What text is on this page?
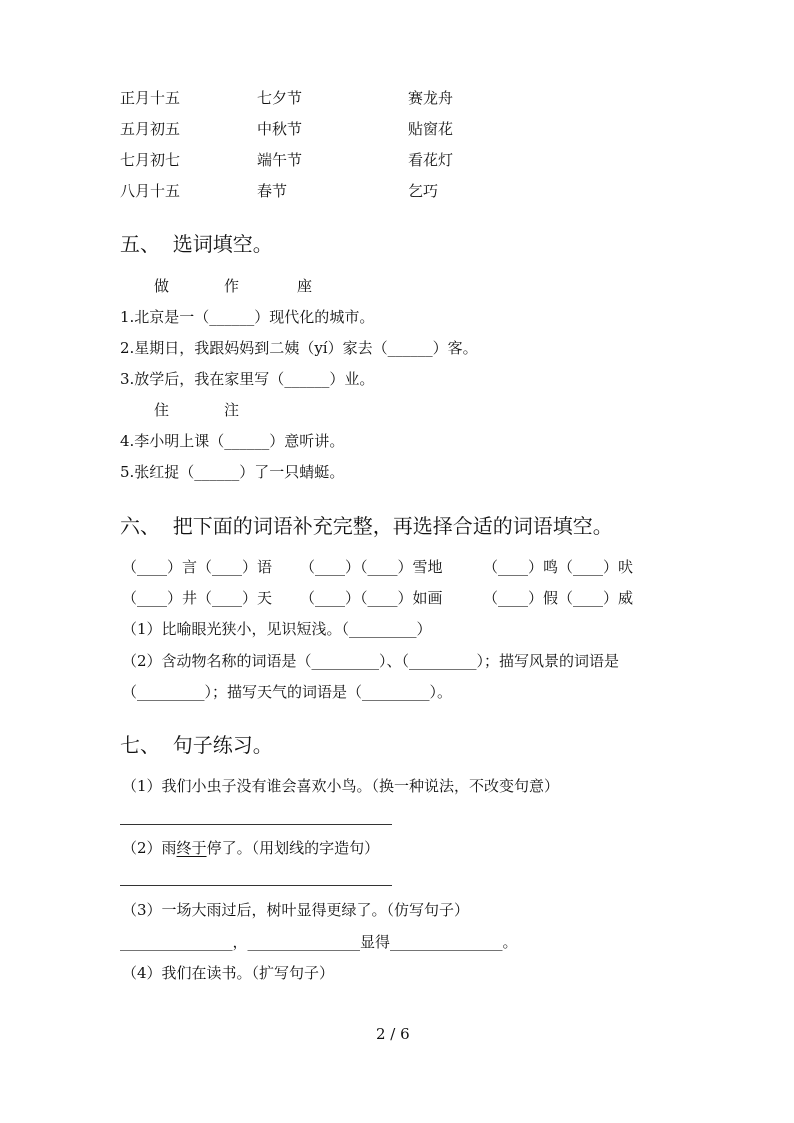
正月十五	七夕节	赛龙舟
五月初五	中秋节	贴窗花
七月初七	端午节	看花灯
八月十五	春节	乞巧
五、  选词填空。
做	作	座
1.北京是一（______）现代化的城市。
2.星期日，我跟妈妈到二姨（yí）家去（______）客。
3.放学后，我在家里写（______）业。
住	注
4.李小明上课（______）意听讲。
5.张红捉（______）了一只蜻蜓。
六、  把下面的词语补充完整，再选择合适的词语填空。
（____）言（____）语 （____）（____）雪地	（____）鸣（____）吠
（____）井（____）天 （____）（____）如画	（____）假（____）威
（1）比喻眼光狭小，见识短浅。（_________）
（2）含动物名称的词语是（_________）、（_________）；描写风景的词语是
（_________）；描写天气的词语是（_________）。
七、  句子练习。
（1）我们小虫子没有谁会喜欢小鸟。（换一种说法，不改变句意）
（2）雨终于停了。（用划线的字造句）
（3）一场大雨过后，树叶显得更绿了。（仿写句子）
_______________，_______________显得_______________。
（4）我们在读书。（扩写句子）
2 / 6
